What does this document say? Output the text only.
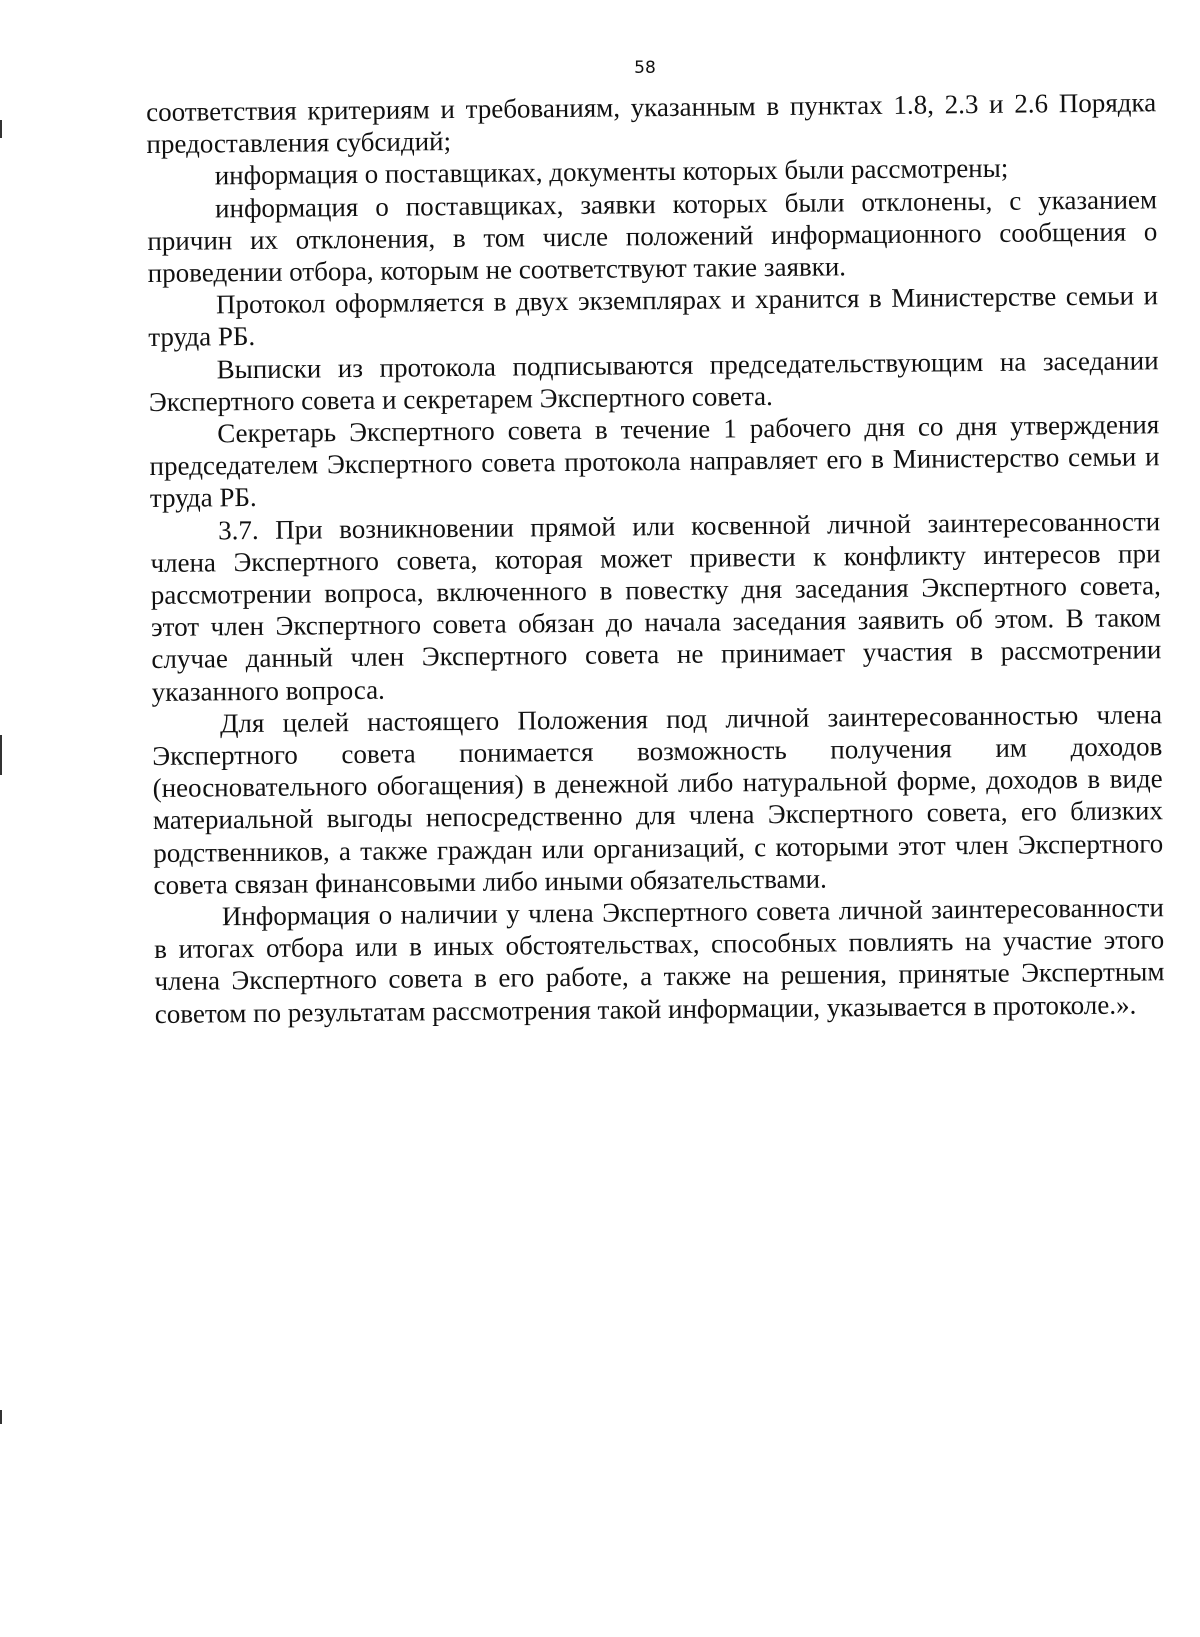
58

соответствия критериям и требованиям, указанным в пунктах 1.8, 2.3 и 2.6 Порядка предоставления субсидий;

информация о поставщиках, документы которых были рассмотрены;

информация о поставщиках, заявки которых были отклонены, с указанием причин их отклонения, в том числе положений информационного сообщения о проведении отбора, которым не соответствуют такие заявки.

Протокол оформляется в двух экземплярах и хранится в Министерстве семьи и труда РБ.

Выписки из протокола подписываются председательствующим на заседании Экспертного совета и секретарем Экспертного совета.

Секретарь Экспертного совета в течение 1 рабочего дня со дня утверждения председателем Экспертного совета протокола направляет его в Министерство семьи и труда РБ.

3.7. При возникновении прямой или косвенной личной заинтересованности члена Экспертного совета, которая может привести к конфликту интересов при рассмотрении вопроса, включенного в повестку дня заседания Экспертного совета, этот член Экспертного совета обязан до начала заседания заявить об этом. В таком случае данный член Экспертного совета не принимает участия в рассмотрении указанного вопроса.

Для целей настоящего Положения под личной заинтересованностью члена Экспертного совета понимается возможность получения им доходов (неосновательного обогащения) в денежной либо натуральной форме, доходов в виде материальной выгоды непосредственно для члена Экспертного совета, его близких родственников, а также граждан или организаций, с которыми этот член Экспертного совета связан финансовыми либо иными обязательствами.

Информация о наличии у члена Экспертного совета личной заинтересованности в итогах отбора или в иных обстоятельствах, способных повлиять на участие этого члена Экспертного совета в его работе, а также на решения, принятые Экспертным советом по результатам рассмотрения такой информации, указывается в протоколе.».
